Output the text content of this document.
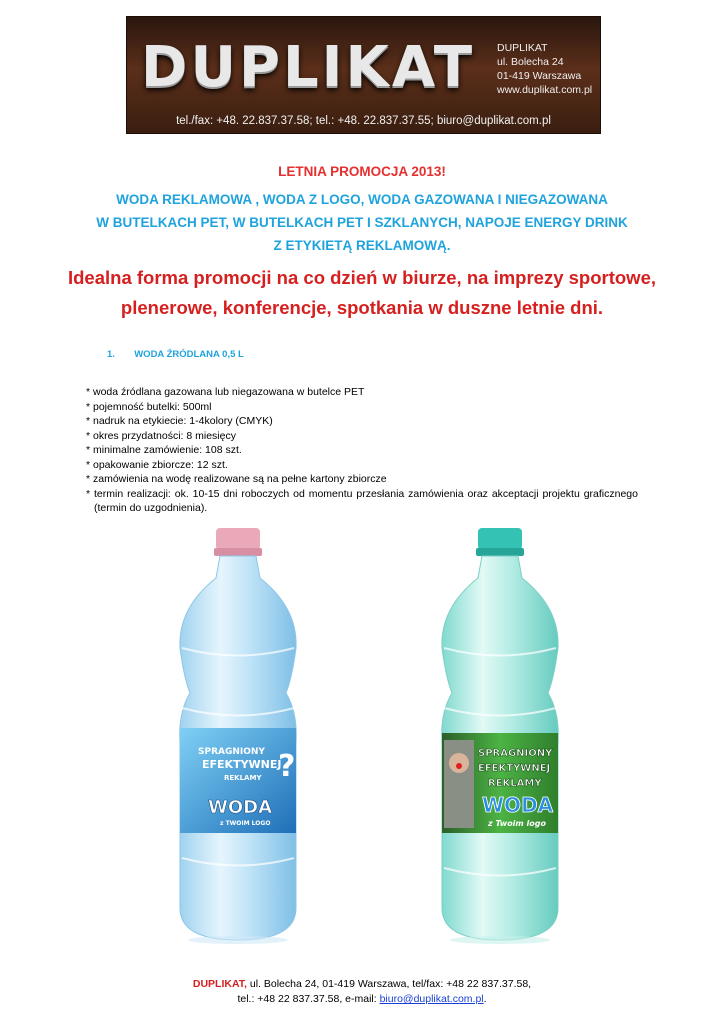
DUPLIKAT DUPLIKAT
ul. Bolecha 24
01-419 Warszawa
www.duplikat.com.pl
tel./fax: +48. 22.837.37.58; tel.: +48. 22.837.37.55; biuro@duplikat.com.pl
LETNIA PROMOCJA 2013!
WODA REKLAMOWA , WODA Z LOGO, WODA GAZOWANA I NIEGAZOWANA
W BUTELKACH PET, W BUTELKACH PET I SZKLANYCH, NAPOJE ENERGY DRINK
Z ETYKIETĄ REKLAMOWĄ.
Idealna forma promocji na co dzień w biurze, na imprezy sportowe,
plenerowe, konferencje, spotkania w duszne letnie dni.
1. WODA ŹRÓDLANA 0,5 L
* woda źródlana gazowana lub niegazowana w butelce PET
* pojemność butelki: 500ml
* nadruk na etykiecie: 1-4kolory (CMYK)
* okres przydatności: 8 miesięcy
* minimalne zamówienie: 108 szt.
* opakowanie zbiorcze: 12 szt.
* zamówienia na wodę realizowane są na pełne kartony zbiorcze
* termin realizacji: ok. 10-15 dni roboczych od momentu przesłania zamówienia oraz akceptacji projektu graficznego (termin do uzgodnienia).
SPRAGNIONY
EFEKTYWNEJ
REKLAMY ?
WODA
z TWOIM LOGO
SPRAGNIONY
EFEKTYWNEJ
REKLAMY
WODA
z Twoim logo
DUPLIKAT, ul. Bolecha 24, 01-419 Warszawa, tel/fax: +48 22 837.37.58,
tel.: +48 22 837.37.58, e-mail: biuro@duplikat.com.pl.
